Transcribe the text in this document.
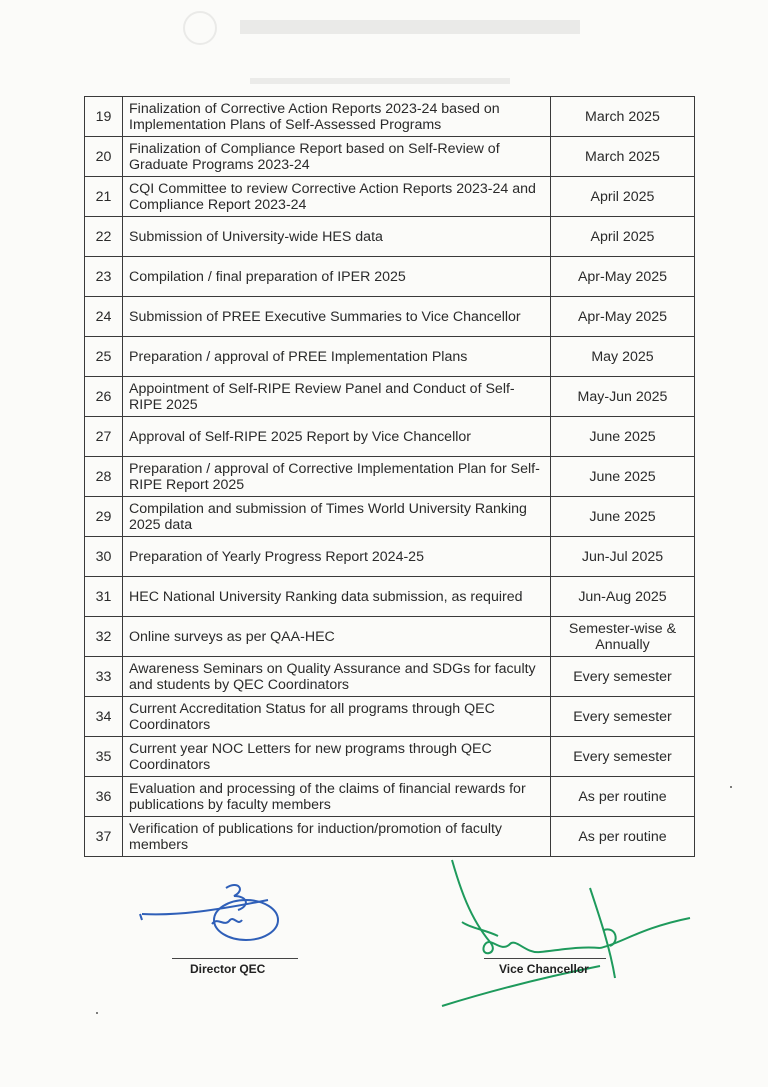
19	Finalization of Corrective Action Reports 2023-24 based on Implementation Plans of Self-Assessed Programs	March 2025
20	Finalization of Compliance Report based on Self-Review of Graduate Programs 2023-24	March 2025
21	CQI Committee to review Corrective Action Reports 2023-24 and Compliance Report 2023-24	April 2025
22	Submission of University-wide HES data	April 2025
23	Compilation / final preparation of IPER 2025	Apr-May 2025
24	Submission of PREE Executive Summaries to Vice Chancellor	Apr-May 2025
25	Preparation / approval of PREE Implementation Plans	May 2025
26	Appointment of Self-RIPE Review Panel and Conduct of Self-RIPE 2025	May-Jun 2025
27	Approval of Self-RIPE 2025 Report by Vice Chancellor	June 2025
28	Preparation / approval of Corrective Implementation Plan for Self-RIPE Report 2025	June 2025
29	Compilation and submission of Times World University Ranking 2025 data	June 2025
30	Preparation of Yearly Progress Report 2024-25	Jun-Jul 2025
31	HEC National University Ranking data submission, as required	Jun-Aug 2025
32	Online surveys as per QAA-HEC	Semester-wise & Annually
33	Awareness Seminars on Quality Assurance and SDGs for faculty and students by QEC Coordinators	Every semester
34	Current Accreditation Status for all programs through QEC Coordinators	Every semester
35	Current year NOC Letters for new programs through QEC Coordinators	Every semester
36	Evaluation and processing of the claims of financial rewards for publications by faculty members	As per routine
37	Verification of publications for induction/promotion of faculty members	As per routine
Director QEC	Vice Chancellor
